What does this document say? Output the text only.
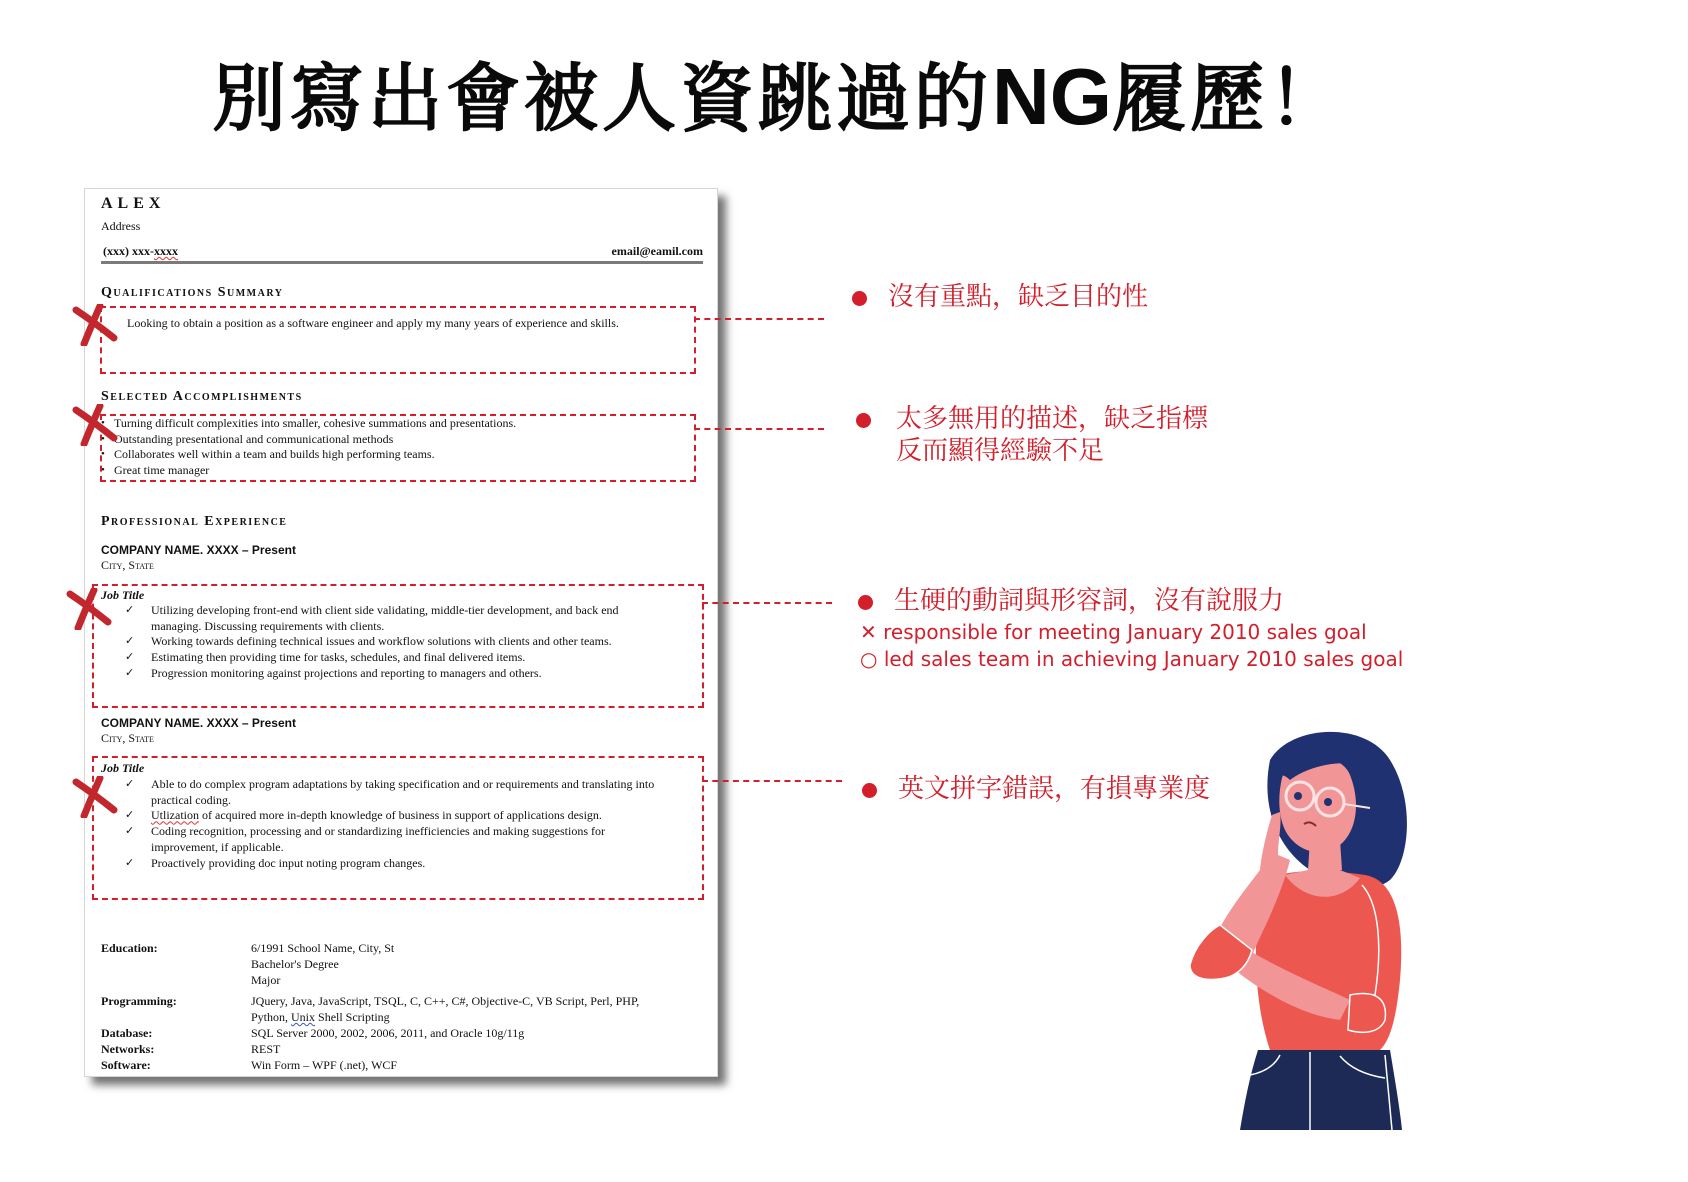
別寫出會被人資跳過的NG履歷！
ALEX
Address
(xxx) xxx-xxxx	email@eamil.com
Qualifications Summary
Looking to obtain a position as a software engineer and apply my many years of experience and skills.
Selected Accomplishments
• Turning difficult complexities into smaller, cohesive summations and presentations.
• Outstanding presentational and communicational methods
• Collaborates well within a team and builds high performing teams.
• Great time manager
Professional Experience
COMPANY NAME. XXXX – Present
City, State
Job Title
✓ Utilizing developing front-end with client side validating, middle-tier development, and back end managing. Discussing requirements with clients.
✓ Working towards defining technical issues and workflow solutions with clients and other teams.
✓ Estimating then providing time for tasks, schedules, and final delivered items.
✓ Progression monitoring against projections and reporting to managers and others.
COMPANY NAME. XXXX – Present
City, State
Job Title
✓ Able to do complex program adaptations by taking specification and or requirements and translating into practical coding.
✓ Utlization of acquired more in-depth knowledge of business in support of applications design.
✓ Coding recognition, processing and or standardizing inefficiencies and making suggestions for improvement, if applicable.
✓ Proactively providing doc input noting program changes.
Education:	6/1991 School Name, City, St
Bachelor's Degree
Major
Programming:	JQuery, Java, JavaScript, TSQL, C, C++, C#, Objective-C, VB Script, Perl, PHP,
Python, Unix Shell Scripting
Database:	SQL Server 2000, 2002, 2006, 2011, and Oracle 10g/11g
Networks:	REST
Software:	Win Form – WPF (.net), WCF
沒有重點，缺乏目的性
太多無用的描述，缺乏指標
反而顯得經驗不足
生硬的動詞與形容詞，沒有說服力
✕ responsible for meeting January 2010 sales goal
○ led sales team in achieving January 2010 sales goal
英文拼字錯誤，有損專業度
